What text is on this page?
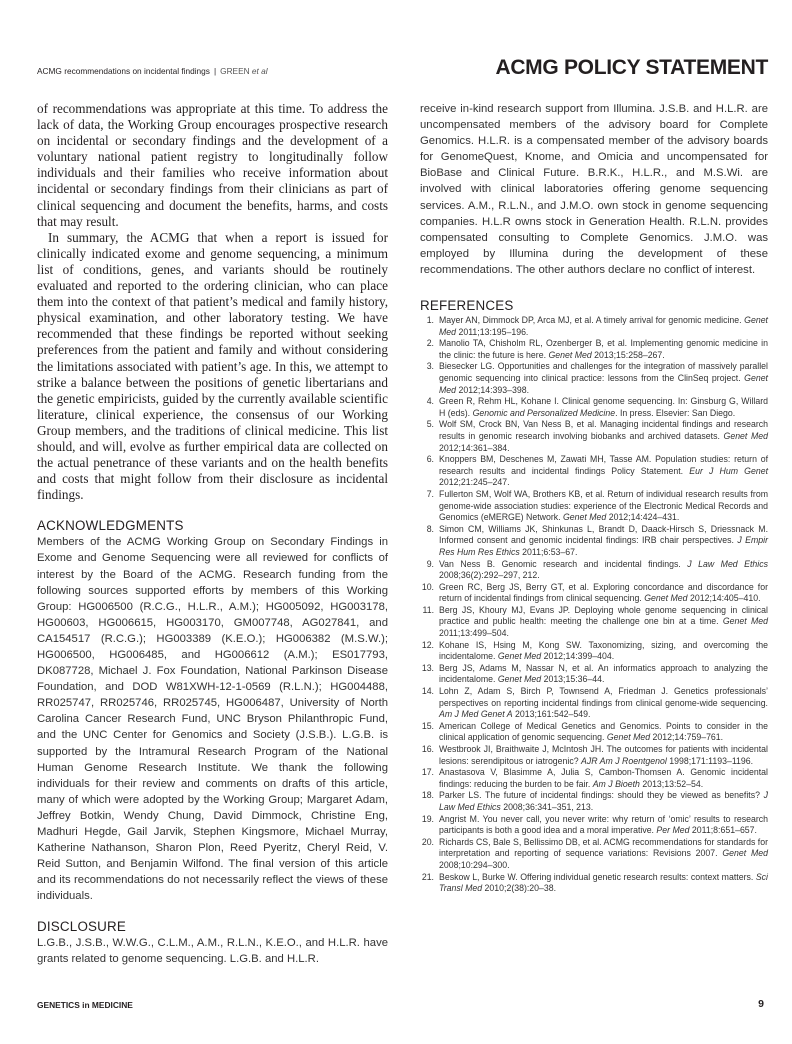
ACMG recommendations on incidental findings | GREEN et al	ACMG POLICY STATEMENT

of recommendations was appropriate at this time. To address the lack of data, the Working Group encourages prospective research on incidental or secondary findings and the development of a voluntary national patient registry to longitudinally follow individuals and their families who receive information about incidental or secondary findings from their clinicians as part of clinical sequencing and document the benefits, harms, and costs that may result.

In summary, the ACMG that when a report is issued for clinically indicated exome and genome sequencing, a minimum list of conditions, genes, and variants should be routinely evaluated and reported to the ordering clinician, who can place them into the context of that patient’s medical and family history, physical examination, and other laboratory testing. We have recommended that these findings be reported without seeking preferences from the patient and family and without considering the limitations associated with patient’s age. In this, we attempt to strike a balance between the positions of genetic libertarians and the genetic empiricists, guided by the currently available scientific literature, clinical experience, the consensus of our Working Group members, and the traditions of clinical medicine. This list should, and will, evolve as further empirical data are collected on the actual penetrance of these variants and on the health benefits and costs that might follow from their disclosure as incidental findings.

ACKNOWLEDGMENTS

Members of the ACMG Working Group on Secondary Findings in Exome and Genome Sequencing were all reviewed for conflicts of interest by the Board of the ACMG. Research funding from the following sources supported efforts by members of this Working Group: HG006500 (R.C.G., H.L.R., A.M.); HG005092, HG003178, HG00603, HG006615, HG003170, GM007748, AG027841, and CA154517 (R.C.G.); HG003389 (K.E.O.); HG006382 (M.S.W.); HG006500, HG006485, and HG006612 (A.M.); ES017793, DK087728, Michael J. Fox Foundation, National Parkinson Disease Foundation, and DOD W81XWH-12-1-0569 (R.L.N.); HG004488, RR025747, RR025746, RR025745, HG006487, University of North Carolina Cancer Research Fund, UNC Bryson Philanthropic Fund, and the UNC Center for Genomics and Society (J.S.B.). L.G.B. is supported by the Intramural Research Program of the National Human Genome Research Institute. We thank the following individuals for their review and comments on drafts of this article, many of which were adopted by the Working Group; Margaret Adam, Jeffrey Botkin, Wendy Chung, David Dimmock, Christine Eng, Madhuri Hegde, Gail Jarvik, Stephen Kingsmore, Michael Murray, Katherine Nathanson, Sharon Plon, Reed Pyeritz, Cheryl Reid, V. Reid Sutton, and Benjamin Wilfond. The final version of this article and its recommendations do not necessarily reflect the views of these individuals.

DISCLOSURE

L.G.B., J.S.B., W.W.G., C.L.M., A.M., R.L.N., K.E.O., and H.L.R. have grants related to genome sequencing. L.G.B. and H.L.R.

receive in-kind research support from Illumina. J.S.B. and H.L.R. are uncompensated members of the advisory board for Complete Genomics. H.L.R. is a compensated member of the advisory boards for GenomeQuest, Knome, and Omicia and uncompensated for BioBase and Clinical Future. B.R.K., H.L.R., and M.S.Wi. are involved with clinical laboratories offering genome sequencing services. A.M., R.L.N., and J.M.O. own stock in genome sequencing companies. H.L.R owns stock in Generation Health. R.L.N. provides compensated consulting to Complete Genomics. J.M.O. was employed by Illumina during the development of these recommendations. The other authors declare no conflict of interest.

REFERENCES
1. Mayer AN, Dimmock DP, Arca MJ, et al. A timely arrival for genomic medicine. Genet Med 2011;13:195–196.
2. Manolio TA, Chisholm RL, Ozenberger B, et al. Implementing genomic medicine in the clinic: the future is here. Genet Med 2013;15:258–267.
3. Biesecker LG. Opportunities and challenges for the integration of massively parallel genomic sequencing into clinical practice: lessons from the ClinSeq project. Genet Med 2012;14:393–398.
4. Green R, Rehm HL, Kohane I. Clinical genome sequencing. In: Ginsburg G, Willard H (eds). Genomic and Personalized Medicine. In press. Elsevier: San Diego.
5. Wolf SM, Crock BN, Van Ness B, et al. Managing incidental findings and research results in genomic research involving biobanks and archived datasets. Genet Med 2012;14:361–384.
6. Knoppers BM, Deschenes M, Zawati MH, Tasse AM. Population studies: return of research results and incidental findings Policy Statement. Eur J Hum Genet 2012;21:245–247.
7. Fullerton SM, Wolf WA, Brothers KB, et al. Return of individual research results from genome-wide association studies: experience of the Electronic Medical Records and Genomics (eMERGE) Network. Genet Med 2012;14:424–431.
8. Simon CM, Williams JK, Shinkunas L, Brandt D, Daack-Hirsch S, Driessnack M. Informed consent and genomic incidental findings: IRB chair perspectives. J Empir Res Hum Res Ethics 2011;6:53–67.
9. Van Ness B. Genomic research and incidental findings. J Law Med Ethics 2008;36(2):292–297, 212.
10. Green RC, Berg JS, Berry GT, et al. Exploring concordance and discordance for return of incidental findings from clinical sequencing. Genet Med 2012;14:405–410.
11. Berg JS, Khoury MJ, Evans JP. Deploying whole genome sequencing in clinical practice and public health: meeting the challenge one bin at a time. Genet Med 2011;13:499–504.
12. Kohane IS, Hsing M, Kong SW. Taxonomizing, sizing, and overcoming the incidentalome. Genet Med 2012;14:399–404.
13. Berg JS, Adams M, Nassar N, et al. An informatics approach to analyzing the incidentalome. Genet Med 2013;15:36–44.
14. Lohn Z, Adam S, Birch P, Townsend A, Friedman J. Genetics professionals’ perspectives on reporting incidental findings from clinical genome-wide sequencing. Am J Med Genet A 2013;161:542–549.
15. American College of Medical Genetics and Genomics. Points to consider in the clinical application of genomic sequencing. Genet Med 2012;14:759–761.
16. Westbrook JI, Braithwaite J, McIntosh JH. The outcomes for patients with incidental lesions: serendipitous or iatrogenic? AJR Am J Roentgenol 1998;171:1193–1196.
17. Anastasova V, Blasimme A, Julia S, Cambon-Thomsen A. Genomic incidental findings: reducing the burden to be fair. Am J Bioeth 2013;13:52–54.
18. Parker LS. The future of incidental findings: should they be viewed as benefits? J Law Med Ethics 2008;36:341–351, 213.
19. Angrist M. You never call, you never write: why return of ‘omic’ results to research participants is both a good idea and a moral imperative. Per Med 2011;8:651–657.
20. Richards CS, Bale S, Bellissimo DB, et al. ACMG recommendations for standards for interpretation and reporting of sequence variations: Revisions 2007. Genet Med 2008;10:294–300.
21. Beskow L, Burke W. Offering individual genetic research results: context matters. Sci Transl Med 2010;2(38):20–38.
GENETICS in MEDICINE	9
